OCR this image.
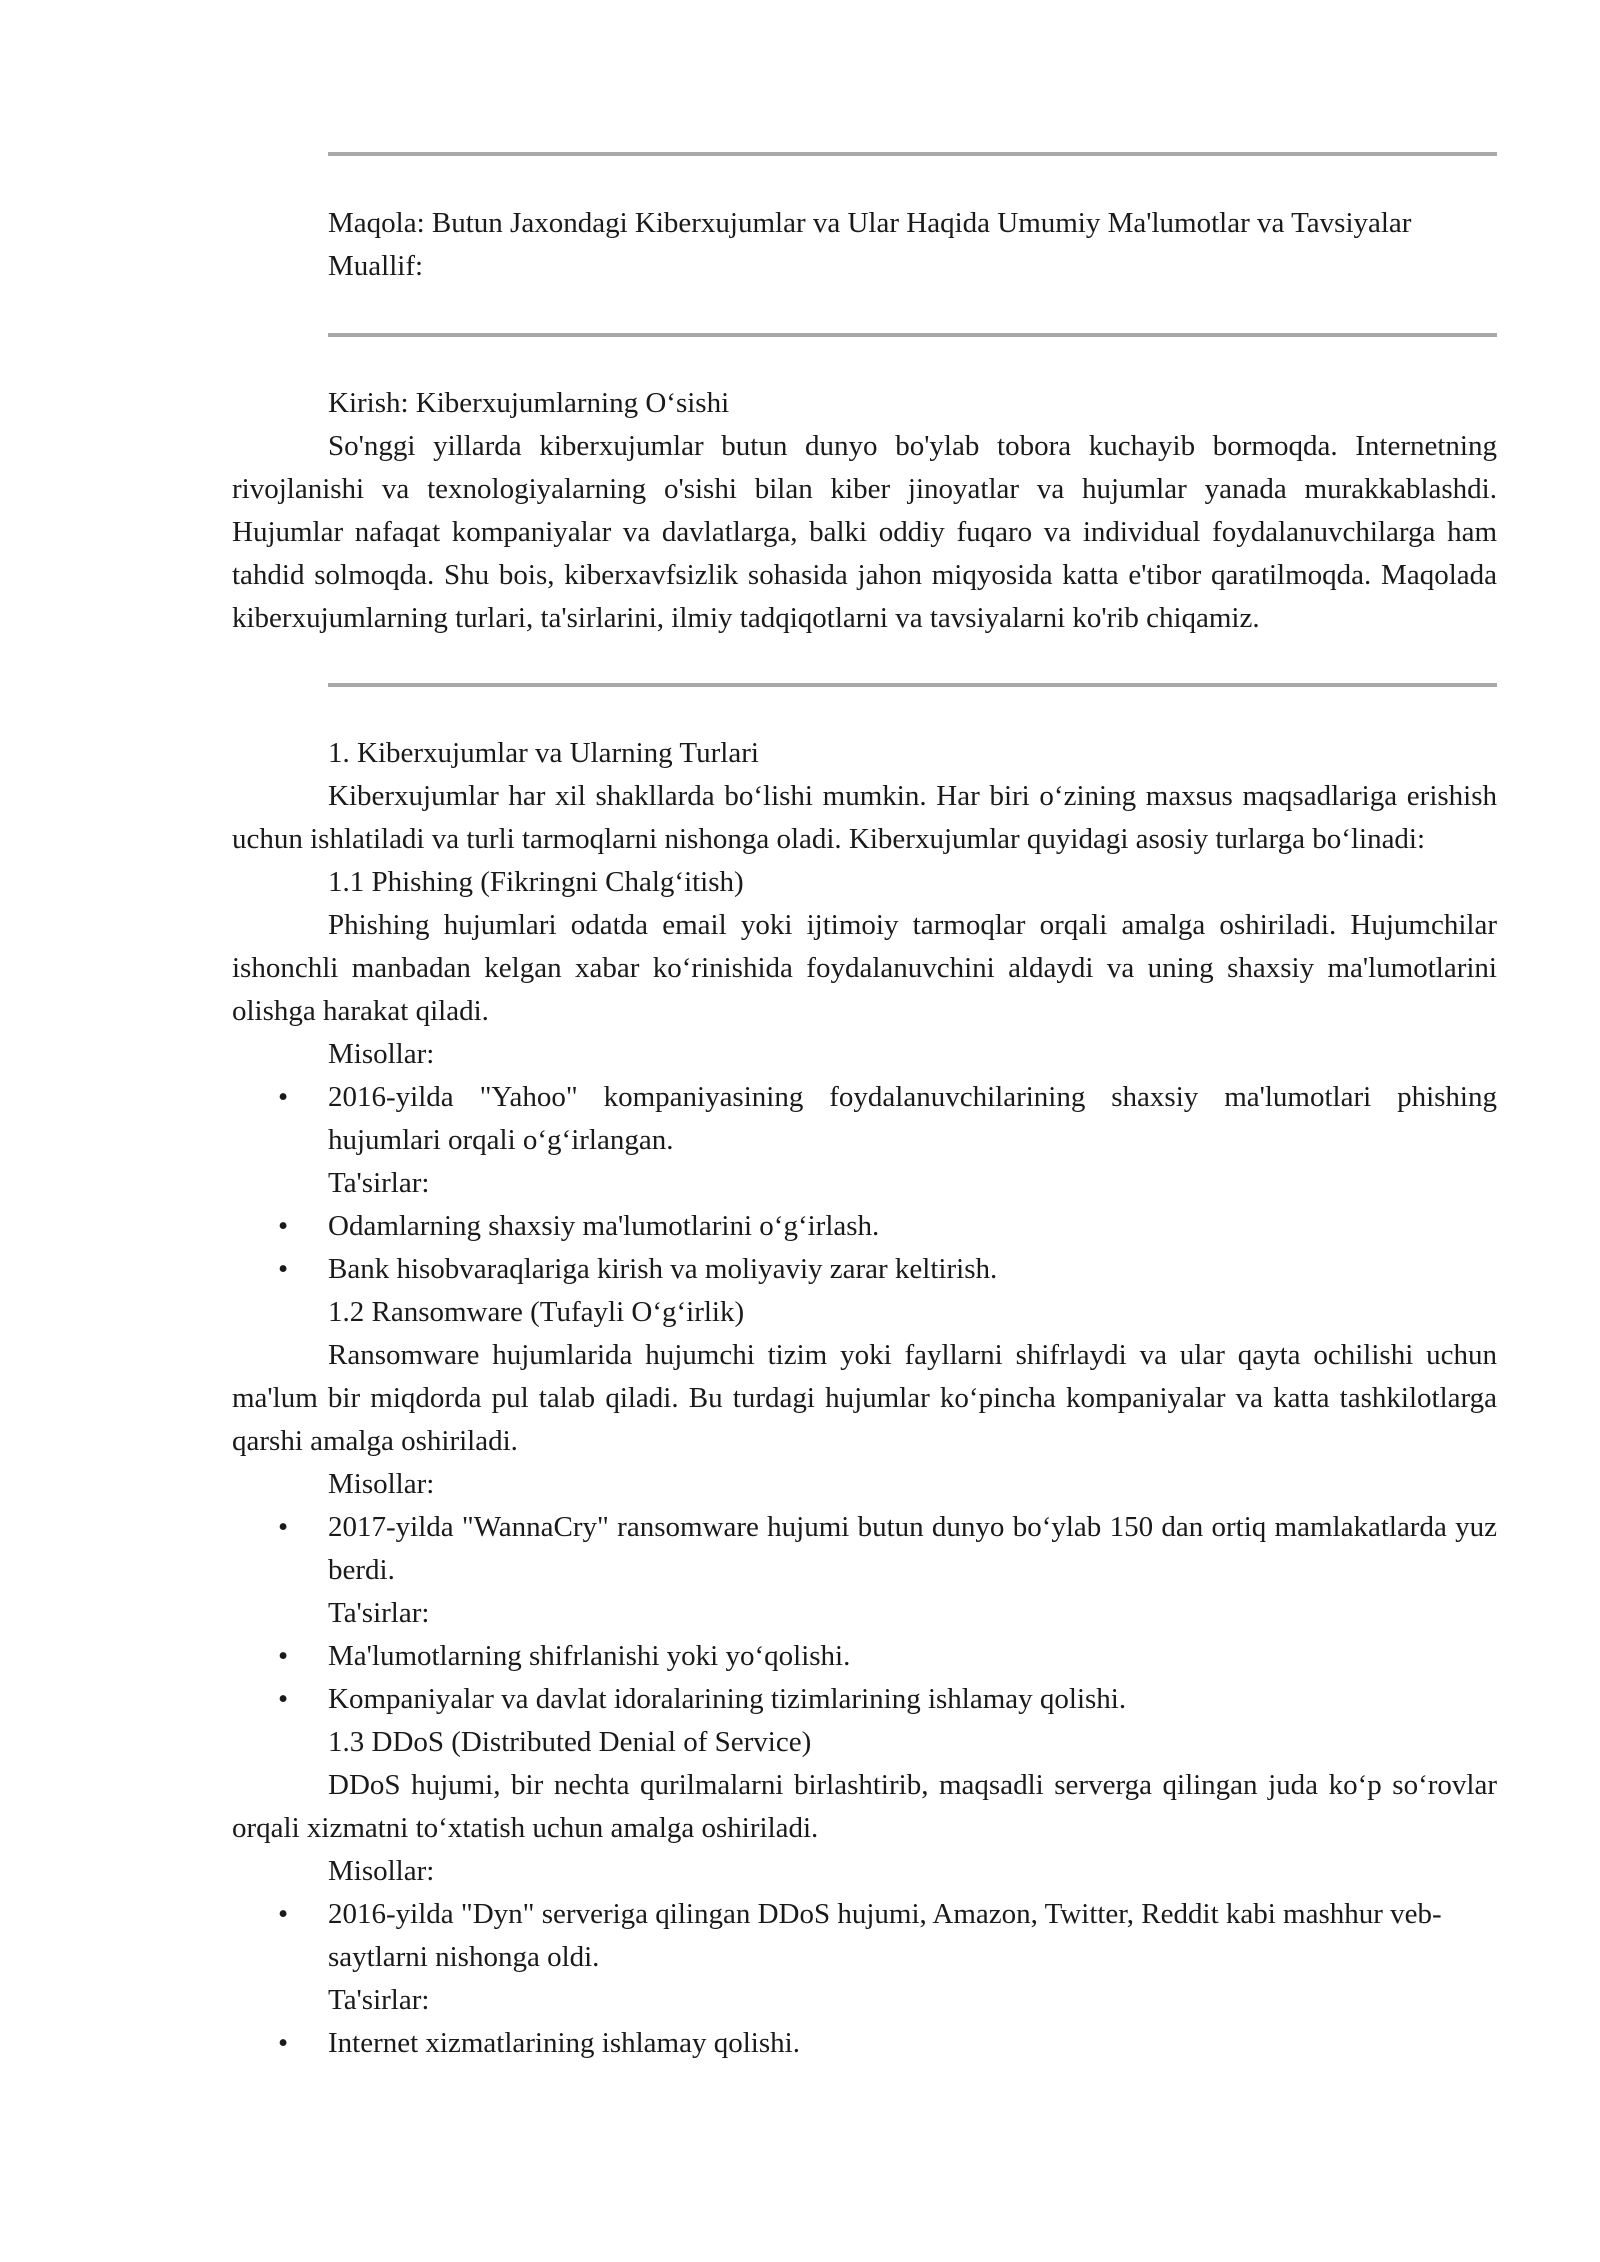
Maqola: Butun Jaxondagi Kiberxujumlar va Ular Haqida Umumiy Ma'lumotlar va Tavsiyalar

Muallif:

Kirish: Kiberxujumlarning O‘sishi

So'nggi yillarda kiberxujumlar butun dunyo bo'ylab tobora kuchayib bormoqda. Internetning rivojlanishi va texnologiyalarning o'sishi bilan kiber jinoyatlar va hujumlar yanada murakkablashdi. Hujumlar nafaqat kompaniyalar va davlatlarga, balki oddiy fuqaro va individual foydalanuvchilarga ham tahdid solmoqda. Shu bois, kiberxavfsizlik sohasida jahon miqyosida katta e'tibor qaratilmoqda. Maqolada kiberxujumlarning turlari, ta'sirlarini, ilmiy tadqiqotlarni va tavsiyalarni ko'rib chiqamiz.

1. Kiberxujumlar va Ularning Turlari

Kiberxujumlar har xil shakllarda bo‘lishi mumkin. Har biri o‘zining maxsus maqsadlariga erishish uchun ishlatiladi va turli tarmoqlarni nishonga oladi. Kiberxujumlar quyidagi asosiy turlarga bo‘linadi:

1.1 Phishing (Fikringni Chalg‘itish)

Phishing hujumlari odatda email yoki ijtimoiy tarmoqlar orqali amalga oshiriladi. Hujumchilar ishonchli manbadan kelgan xabar ko‘rinishida foydalanuvchini aldaydi va uning shaxsiy ma'lumotlarini olishga harakat qiladi.

Misollar:

• 2016-yilda "Yahoo" kompaniyasining foydalanuvchilarining shaxsiy ma'lumotlari phishing hujumlari orqali o‘g‘irlangan.

Ta'sirlar:

• Odamlarning shaxsiy ma'lumotlarini o‘g‘irlash.
• Bank hisobvaraqlariga kirish va moliyaviy zarar keltirish.

1.2 Ransomware (Tufayli O‘g‘irlik)

Ransomware hujumlarida hujumchi tizim yoki fayllarni shifrlaydi va ular qayta ochilishi uchun ma'lum bir miqdorda pul talab qiladi. Bu turdagi hujumlar ko‘pincha kompaniyalar va katta tashkilotlarga qarshi amalga oshiriladi.

Misollar:

• 2017-yilda "WannaCry" ransomware hujumi butun dunyo bo‘ylab 150 dan ortiq mamlakatlarda yuz berdi.

Ta'sirlar:

• Ma'lumotlarning shifrlanishi yoki yo‘qolishi.
• Kompaniyalar va davlat idoralarining tizimlarining ishlamay qolishi.

1.3 DDoS (Distributed Denial of Service)

DDoS hujumi, bir nechta qurilmalarni birlashtirib, maqsadli serverga qilingan juda ko‘p so‘rovlar orqali xizmatni to‘xtatish uchun amalga oshiriladi.

Misollar:

• 2016-yilda "Dyn" serveriga qilingan DDoS hujumi, Amazon, Twitter, Reddit kabi mashhur veb-saytlarni nishonga oldi.

Ta'sirlar:

• Internet xizmatlarining ishlamay qolishi.
